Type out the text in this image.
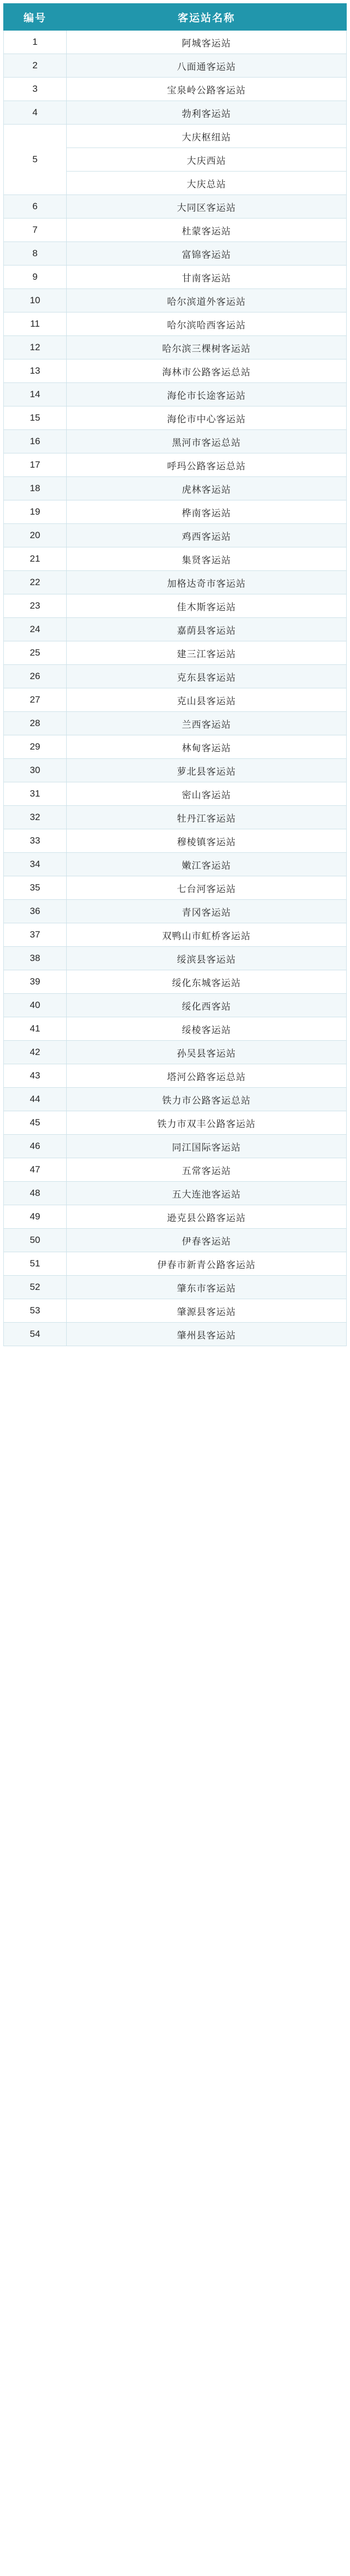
编号	客运站名称
1	阿城客运站
2	八面通客运站
3	宝泉岭公路客运站
4	勃利客运站
5	大庆枢纽站
	大庆西站
	大庆总站
6	大同区客运站
7	杜蒙客运站
8	富锦客运站
9	甘南客运站
10	哈尔滨道外客运站
11	哈尔滨哈西客运站
12	哈尔滨三棵树客运站
13	海林市公路客运总站
14	海伦市长途客运站
15	海伦市中心客运站
16	黑河市客运总站
17	呼玛公路客运总站
18	虎林客运站
19	桦南客运站
20	鸡西客运站
21	集贤客运站
22	加格达奇市客运站
23	佳木斯客运站
24	嘉荫县客运站
25	建三江客运站
26	克东县客运站
27	克山县客运站
28	兰西客运站
29	林甸客运站
30	萝北县客运站
31	密山客运站
32	牡丹江客运站
33	穆棱镇客运站
34	嫩江客运站
35	七台河客运站
36	青冈客运站
37	双鸭山市虹桥客运站
38	绥滨县客运站
39	绥化东城客运站
40	绥化西客站
41	绥棱客运站
42	孙吴县客运站
43	塔河公路客运总站
44	铁力市公路客运总站
45	铁力市双丰公路客运站
46	同江国际客运站
47	五常客运站
48	五大连池客运站
49	逊克县公路客运站
50	伊春客运站
51	伊春市新青公路客运站
52	肇东市客运站
53	肇源县客运站
54	肇州县客运站
